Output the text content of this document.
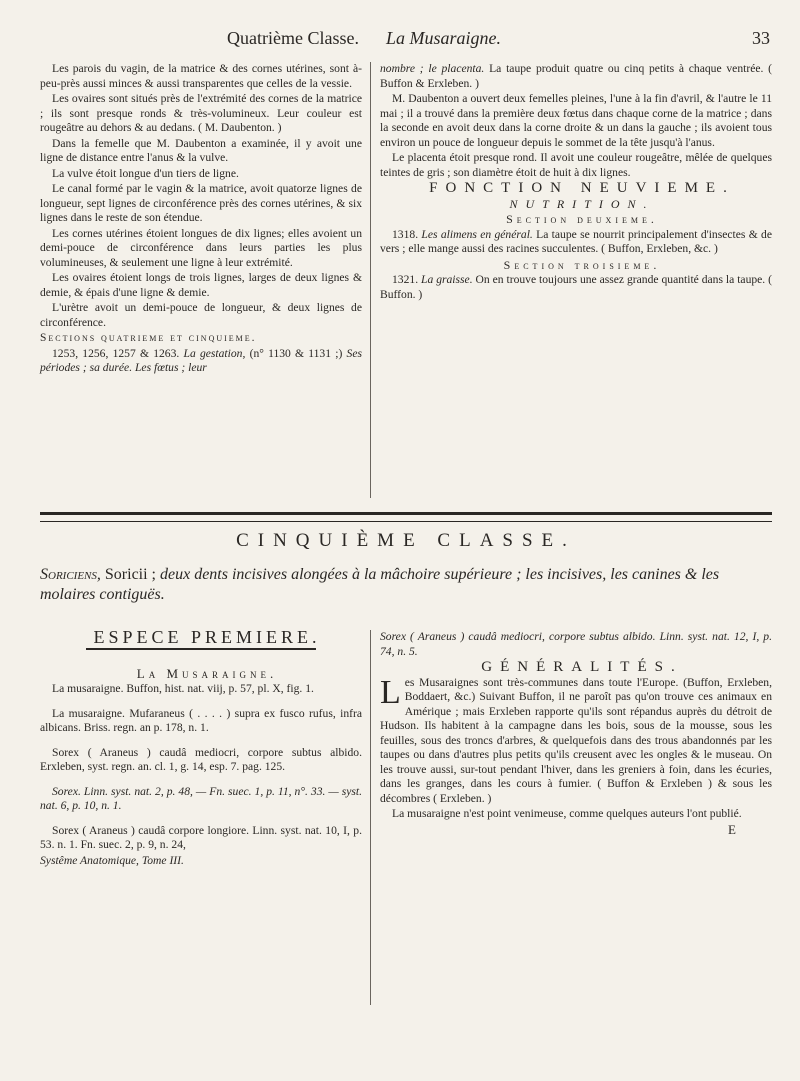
Quatrième Classe. La Musaraigne.	33

Les parois du vagin, de la matrice & des cornes utérines, sont à-peu-près aussi minces & aussi transparentes que celles de la vessie.

Les ovaires sont situés près de l'extrémité des cornes de la matrice ; ils sont presque ronds & très-volumineux. Leur couleur est rougeâtre au dehors & au dedans. ( M. Daubenton. )

Dans la femelle que M. Daubenton a examinée, il y avoit une ligne de distance entre l'anus & la vulve.

La vulve étoit longue d'un tiers de ligne.

Le canal formé par le vagin & la matrice, avoit quatorze lignes de longueur, sept lignes de circonférence près des cornes utérines, & six lignes dans le reste de son étendue.

Les cornes utérines étoient longues de dix lignes; elles avoient un demi-pouce de circonférence dans leurs parties les plus volumineuses, & seulement une ligne à leur extrémité.

Les ovaires étoient longs de trois lignes, larges de deux lignes & demie, & épais d'une ligne & demie.

L'urètre avoit un demi-pouce de longueur, & deux lignes de circonférence.

Sections quatrieme et cinquieme.

1253, 1256, 1257 & 1263. La gestation, (n° 1130 & 1131 ;) Ses périodes ; sa durée. Les fœtus ; leur

nombre ; le placenta. La taupe produit quatre ou cinq petits à chaque ventrée. ( Buffon & Erxleben. )

M. Daubenton a ouvert deux femelles pleines, l'une à la fin d'avril, & l'autre le 11 mai ; il a trouvé dans la première deux fœtus dans chaque corne de la matrice ; dans la seconde en avoit deux dans la corne droite & un dans la gauche ; ils avoient tous environ un pouce de longueur depuis le sommet de la tête jusqu'à l'anus.

Le placenta étoit presque rond. Il avoit une couleur rougeâtre, mêlée de quelques teintes de gris ; son diamètre étoit de huit à dix lignes.

FONCTION NEUVIEME.

NUTRITION.

Section deuxieme.

1318. Les alimens en général. La taupe se nourrit principalement d'insectes & de vers ; elle mange aussi des racines succulentes. ( Buffon, Erxleben, &c. )

Section troisieme.

1321. La graisse. On en trouve toujours une assez grande quantité dans la taupe. ( Buffon. )

CINQUIÈME CLASSE.
Soriciens, Soricii ; deux dents incisives alongées à la mâchoire supérieure ; les incisives, les canines & les molaires contiguës.

ESPECE PREMIERE.

La Musaraigne.

La musaraigne. Buffon, hist. nat. viij, p. 57, pl. X, fig. 1.

La musaraigne. Mufaraneus ( . . . . ) supra ex fusco rufus, infra albicans. Briss. regn. an p. 178, n. 1.

Sorex ( Araneus ) caudâ mediocri, corpore subtus albido. Erxleben, syst. regn. an. cl. 1, g. 14, esp. 7. pag. 125.

Sorex. Linn. syst. nat. 2, p. 48, — Fn. suec. 1, p. 11, n°. 33. — syst. nat. 6, p. 10, n. 1.

Sorex ( Araneus ) caudâ corpore longiore. Linn. syst. nat. 10, I, p. 53. n. 1. Fn. suec. 2, p. 9, n. 24,

Systême Anatomique, Tome III.

Sorex ( Araneus ) caudâ mediocri, corpore subtus albido. Linn. syst. nat. 12, I, p. 74, n. 5.

GÉNÉRALITÉS.

Les Musaraignes sont très-communes dans toute l'Europe. (Buffon, Erxleben, Boddaert, &c.) Suivant Buffon, il ne paroît pas qu'on trouve ces animaux en Amérique ; mais Erxleben rapporte qu'ils sont répandus auprès du détroit de Hudson. Ils habitent à la campagne dans les bois, sous de la mousse, sous les feuilles, sous des troncs d'arbres, & quelquefois dans des trous abandonnés par les taupes ou dans d'autres plus petits qu'ils creusent avec les ongles & le museau. On les trouve aussi, sur-tout pendant l'hiver, dans les greniers à foin, dans les écuries, dans les granges, dans les cours à fumier. ( Buffon & Erxleben ) & sous les décombres ( Erxleben. )

La musaraigne n'est point venimeuse, comme quelques auteurs l'ont publié.

E
